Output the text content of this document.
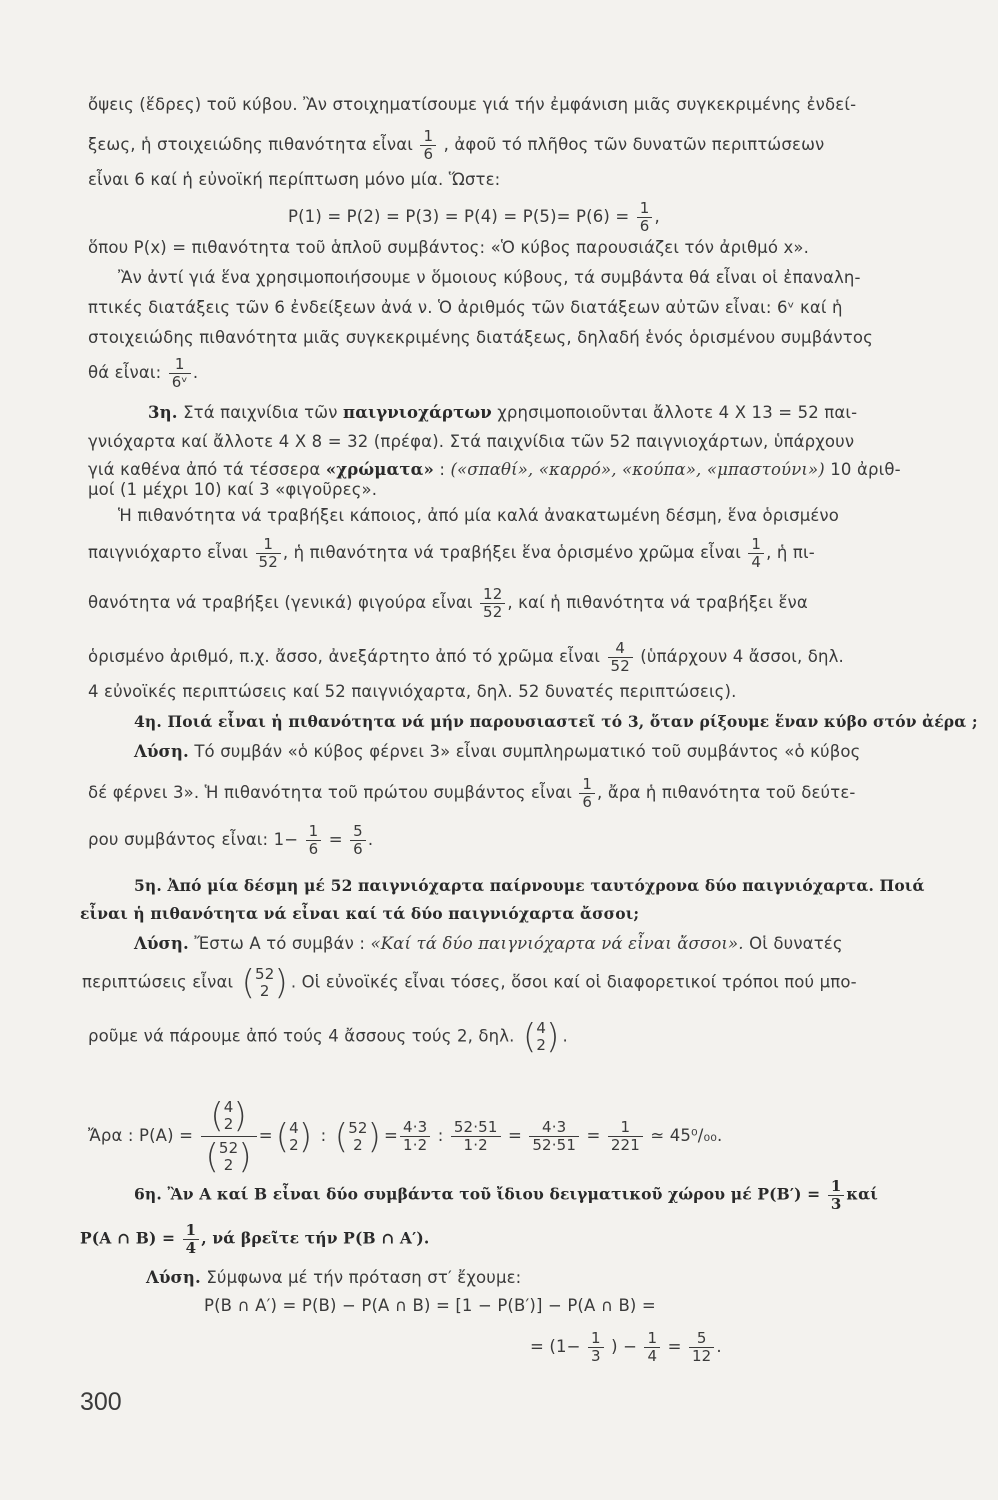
ὄψεις (ἕδρες) τοῦ κύβου. Ἂν στοιχηματίσουμε γιά τήν ἐμφάνιση μιᾶς συγκεκριμένης ἐνδεί-
ξεως, ἡ στοιχειώδης πιθανότητα εἶναι $\frac{1}{6}$ , ἀφοῦ τό πλῆθος τῶν δυνατῶν περιπτώσεων
εἶναι 6 καί ἡ εὐνοϊκή περίπτωση μόνο μία. Ὥστε:
$P(1) = P(2) = P(3) = P(4) = P(5)= P(6) = \frac{1}{6}$ ,
ὅπου P(x) = πιθανότητα τοῦ ἁπλοῦ συμβάντος: «Ὁ κύβος παρουσιάζει τόν ἀριθμό x».
Ἂν ἀντί γιά ἕνα χρησιμοποιήσουμε ν ὅμοιους κύβους, τά συμβάντα θά εἶναι οἱ ἐπαναλη-
πτικές διατάξεις τῶν 6 ἐνδείξεων ἀνά ν. Ὁ ἀριθμός τῶν διατάξεων αὐτῶν εἶναι: 6ᵛ καί ἡ
στοιχειώδης πιθανότητα μιᾶς συγκεκριμένης διατάξεως, δηλαδή ἑνός ὁρισμένου συμβάντος
θά εἶναι: $\frac{1}{\text{6ᵛ}}$ .
3η. Στά παιχνίδια τῶν παιγνιοχάρτων χρησιμοποιοῦνται ἄλλοτε 4 X 13 = 52 παι-
γνιόχαρτα καί ἄλλοτε 4 X 8 = 32 (πρέφα). Στά παιχνίδια τῶν 52 παιγνιοχάρτων, ὑπάρχουν
γιά καθένα ἀπό τά τέσσερα «χρώματα» : («σπαθί», «καρρό», «κούπα», «μπαστούνι») 10 ἀριθ-
μοί (1 μέχρι 10) καί 3 «φιγοῦρες».
Ἡ πιθανότητα νά τραβήξει κάποιος, ἀπό μία καλά ἀνακατωμένη δέσμη, ἕνα ὁρισμένο
παιγνιόχαρτο εἶναι $\frac{1}{52}$ , ἡ πιθανότητα νά τραβήξει ἕνα ὁρισμένο χρῶμα εἶναι $\frac{1}{4}$ , ἡ πι-
θανότητα νά τραβήξει (γενικά) φιγούρα εἶναι $\frac{12}{52}$ , καί ἡ πιθανότητα νά τραβήξει ἕνα
ὁρισμένο ἀριθμό, π.χ. ἄσσο, ἀνεξάρτητο ἀπό τό χρῶμα εἶναι $\frac{4}{52}$ (ὑπάρχουν 4 ἄσσοι, δηλ.
4 εὐνοϊκές περιπτώσεις καί 52 παιγνιόχαρτα, δηλ. 52 δυνατές περιπτώσεις).
4η. Ποιά εἶναι ἡ πιθανότητα νά μήν παρουσιαστεῖ τό 3, ὅταν ρίξουμε ἕναν κύβο στόν ἀέρα ;
Λύση. Τό συμβάν «ὁ κύβος φέρνει 3» εἶναι συμπληρωματικό τοῦ συμβάντος «ὁ κύβος
δέ φέρνει 3». Ἡ πιθανότητα τοῦ πρώτου συμβάντος εἶναι $\frac{1}{6}$ , ἄρα ἡ πιθανότητα τοῦ δεύτε-
ρου συμβάντος εἶναι: $1- \frac{1}{6} = \frac{5}{6}$ .
5η. Ἀπό μία δέσμη μέ 52 παιγνιόχαρτα παίρνουμε ταυτόχρονα δύο παιγνιόχαρτα. Ποιά
εἶναι ἡ πιθανότητα νά εἶναι καί τά δύο παιγνιόχαρτα ἄσσοι;
Λύση. Ἔστω Α τό συμβάν : «Καί τά δύο παιγνιόχαρτα νά εἶναι ἄσσοι». Οἱ δυνατές
περιπτώσεις εἶναι ( 52
2 ) . Οἱ εὐνοϊκές εἶναι τόσες, ὅσοι καί οἱ διαφορετικοί τρόποι πού μπο-
ροῦμε νά πάρουμε ἀπό τούς 4 ἄσσους τούς 2, δηλ. ( 4
2 ) .
Ἄρα : P(A) = ( 4
2 )
( 52
2 ) =( 4
2 ) : ( 52
2 ) = $\frac{4\cdot 3}{1\cdot 2}$ : $\frac{52\cdot 51}{1\cdot 2} = \frac{4\cdot 3}{52\cdot 51} = \frac{1}{221}$ ≃ 45⁰/₀₀.
6η. Ἂν Α καί Β εἶναι δύο συμβάντα τοῦ ἴδιου δειγματικοῦ χώρου μέ $P(B') = \frac{1}{3}$ καί
P(A ∩ $B) = \frac{1}{4}$ , νά βρεῖτε τήν P(B ∩ A′).
Λύση. Σύμφωνα μέ τήν πρόταση στ′ ἔχουμε:
P(B ∩ A′) = P(B) − P(A ∩ B) = [1 − P(B′)] − P(A ∩ B) =
= ($1- \frac{1}{3}$ ) − $\frac{1}{4} = \frac{5}{12}$ .
300
